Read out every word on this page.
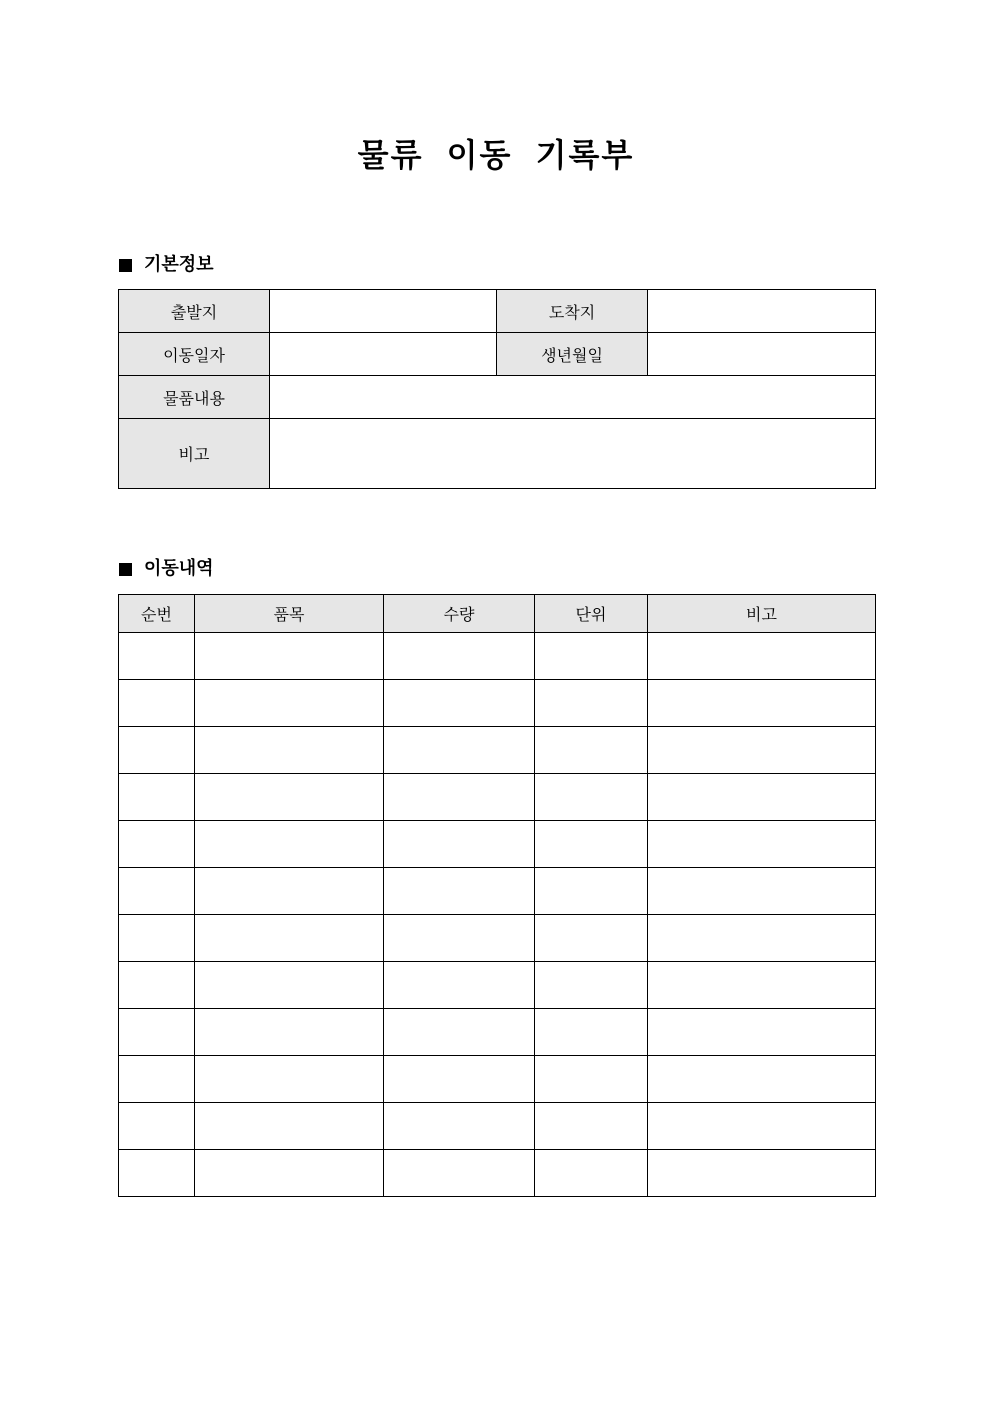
물류 이동 기록부
기본정보
출발지		도착지	
이동일자		생년월일	
물품내용			
비고			
이동내역
순번	품목	수량	단위	비고
